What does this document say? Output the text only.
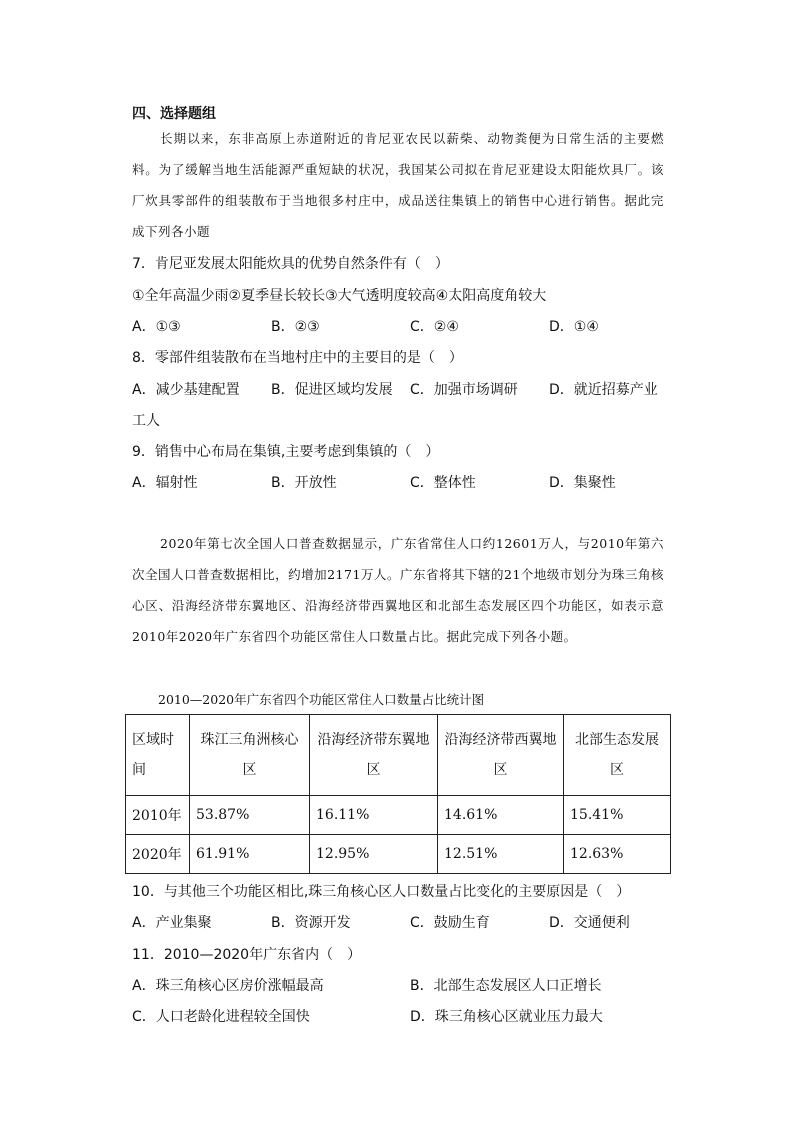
四、选择题组
长期以来，东非高原上赤道附近的肯尼亚农民以薪柴、动物粪便为日常生活的主要燃料。为了缓解当地生活能源严重短缺的状况，我国某公司拟在肯尼亚建设太阳能炊具厂。该厂炊具零部件的组装散布于当地很多村庄中，成品送往集镇上的销售中心进行销售。据此完成下列各小题
7．肯尼亚发展太阳能炊具的优势自然条件有（　）
①全年高温少雨②夏季昼长较长③大气透明度较高④太阳高度角较大
A．①③	B．②③	C．②④	D．①④
8．零部件组装散布在当地村庄中的主要目的是（　）
A．减少基建配置 B．促进区域均发展 C．加强市场调研 D．就近招募产业
工人
9．销售中心布局在集镇,主要考虑到集镇的（　）
A．辐射性	B．开放性	C．整体性	D．集聚性
2020年第七次全国人口普查数据显示，广东省常住人口约12601万人，与2010年第六次全国人口普查数据相比，约增加2171万人。广东省将其下辖的21个地级市划分为珠三角核心区、沿海经济带东翼地区、沿海经济带西翼地区和北部生态发展区四个功能区，如表示意2010年2020年广东省四个功能区常住人口数量占比。据此完成下列各小题。
2010—2020年广东省四个功能区常住人口数量占比统计图
区域时间	珠江三角洲核心区	沿海经济带东翼地区	沿海经济带西翼地区	北部生态发展区
2010年	53.87%	16.11%	14.61%	15.41%
2020年	61.91%	12.95%	12.51%	12.63%
10．与其他三个功能区相比,珠三角核心区人口数量占比变化的主要原因是（　）
A．产业集聚	B．资源开发	C．鼓励生育	D．交通便利
11．2010—2020年广东省内（　）
A．珠三角核心区房价涨幅最高	B．北部生态发展区人口正增长
C．人口老龄化进程较全国快	D．珠三角核心区就业压力最大
